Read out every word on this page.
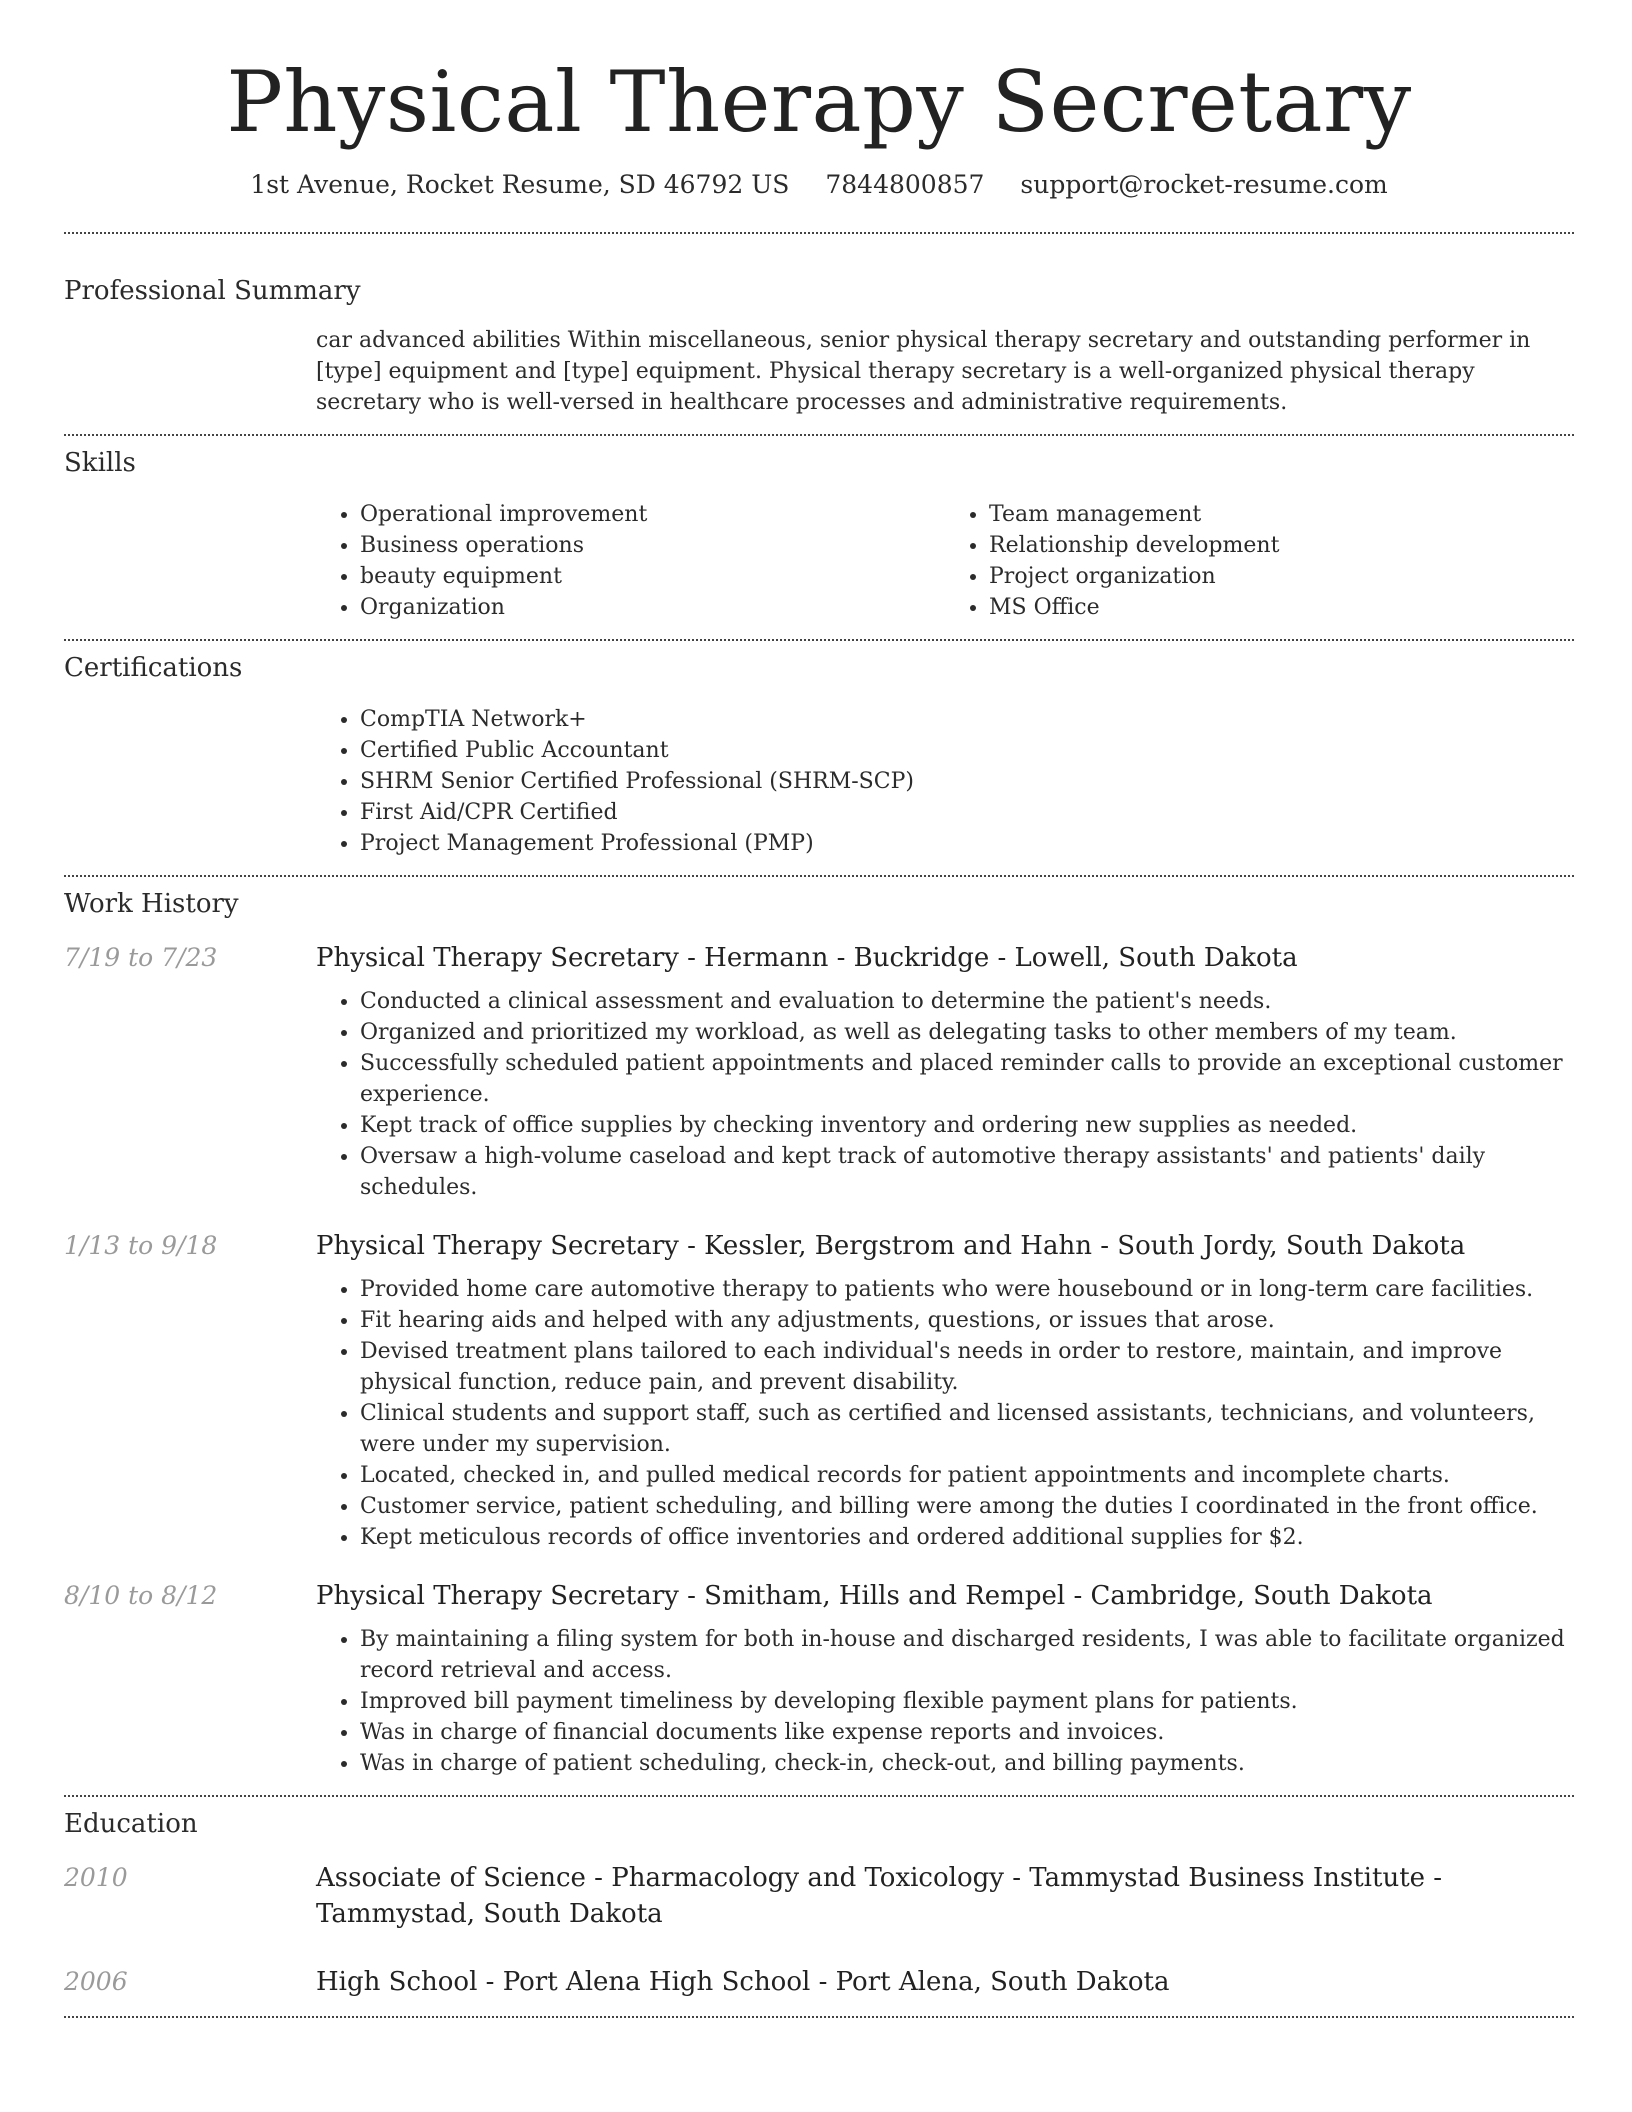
Physical Therapy Secretary
1st Avenue, Rocket Resume, SD 46792 US 7844800857 support@rocket-resume.com
Professional Summary
car advanced abilities Within miscellaneous, senior physical therapy secretary and outstanding performer in [type] equipment and [type] equipment. Physical therapy secretary is a well-organized physical therapy secretary who is well-versed in healthcare processes and administrative requirements.
Skills
• Operational improvement
• Business operations
• beauty equipment
• Organization
• Team management
• Relationship development
• Project organization
• MS Office
Certifications
• CompTIA Network+
• Certified Public Accountant
• SHRM Senior Certified Professional (SHRM-SCP)
• First Aid/CPR Certified
• Project Management Professional (PMP)
Work History
7/19 to 7/23	Physical Therapy Secretary - Hermann - Buckridge - Lowell, South Dakota
• Conducted a clinical assessment and evaluation to determine the patient's needs.
• Organized and prioritized my workload, as well as delegating tasks to other members of my team.
• Successfully scheduled patient appointments and placed reminder calls to provide an exceptional customer experience.
• Kept track of office supplies by checking inventory and ordering new supplies as needed.
• Oversaw a high-volume caseload and kept track of automotive therapy assistants' and patients' daily schedules.
1/13 to 9/18	Physical Therapy Secretary - Kessler, Bergstrom and Hahn - South Jordy, South Dakota
• Provided home care automotive therapy to patients who were housebound or in long-term care facilities.
• Fit hearing aids and helped with any adjustments, questions, or issues that arose.
• Devised treatment plans tailored to each individual's needs in order to restore, maintain, and improve physical function, reduce pain, and prevent disability.
• Clinical students and support staff, such as certified and licensed assistants, technicians, and volunteers, were under my supervision.
• Located, checked in, and pulled medical records for patient appointments and incomplete charts.
• Customer service, patient scheduling, and billing were among the duties I coordinated in the front office.
• Kept meticulous records of office inventories and ordered additional supplies for $2.
8/10 to 8/12	Physical Therapy Secretary - Smitham, Hills and Rempel - Cambridge, South Dakota
• By maintaining a filing system for both in-house and discharged residents, I was able to facilitate organized record retrieval and access.
• Improved bill payment timeliness by developing flexible payment plans for patients.
• Was in charge of financial documents like expense reports and invoices.
• Was in charge of patient scheduling, check-in, check-out, and billing payments.
Education
2010	Associate of Science - Pharmacology and Toxicology - Tammystad Business Institute - Tammystad, South Dakota
2006	High School - Port Alena High School - Port Alena, South Dakota
